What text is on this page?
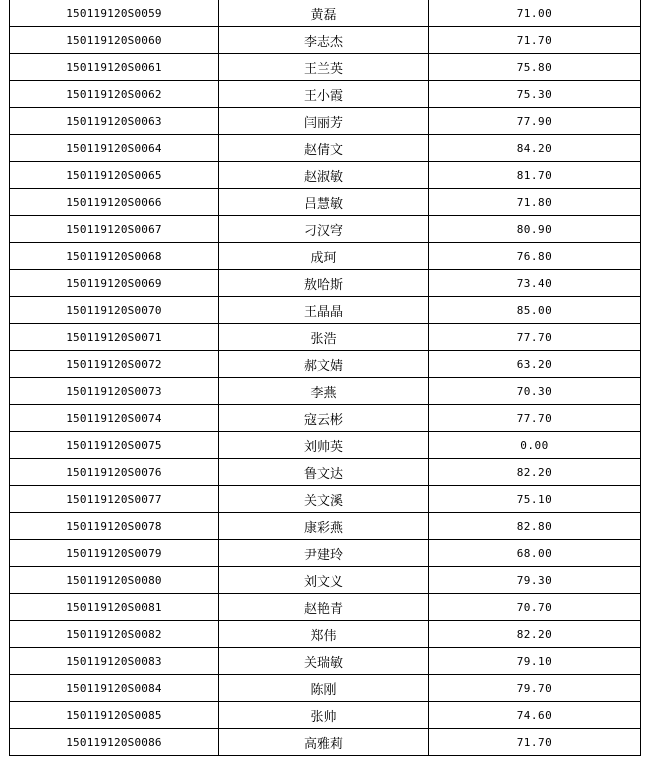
150119120S0059	黄磊	71.00
150119120S0060	李志杰	71.70
150119120S0061	王兰英	75.80
150119120S0062	王小霞	75.30
150119120S0063	闫丽芳	77.90
150119120S0064	赵倩文	84.20
150119120S0065	赵淑敏	81.70
150119120S0066	吕慧敏	71.80
150119120S0067	刁汉穹	80.90
150119120S0068	成珂	76.80
150119120S0069	敖哈斯	73.40
150119120S0070	王晶晶	85.00
150119120S0071	张浩	77.70
150119120S0072	郝文婧	63.20
150119120S0073	李燕	70.30
150119120S0074	寇云彬	77.70
150119120S0075	刘帅英	0.00
150119120S0076	鲁文达	82.20
150119120S0077	关文溪	75.10
150119120S0078	康彩燕	82.80
150119120S0079	尹建玲	68.00
150119120S0080	刘文义	79.30
150119120S0081	赵艳青	70.70
150119120S0082	郑伟	82.20
150119120S0083	关瑞敏	79.10
150119120S0084	陈刚	79.70
150119120S0085	张帅	74.60
150119120S0086	高雅莉	71.70
